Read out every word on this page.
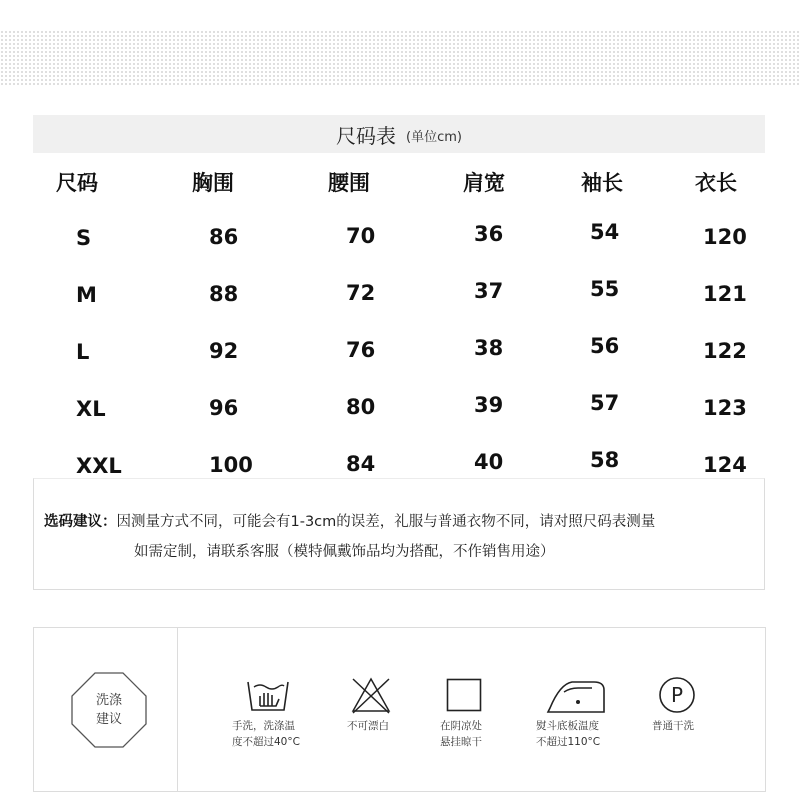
尺码表 (单位cm)
尺码	胸围	腰围	肩宽	袖长	衣长
S	86	70	36	54	120
M	88	72	37	55	121
L	92	76	38	56	122
XL	96	80	39	57	123
XXL	100	84	40	58	124
选码建议：因测量方式不同，可能会有1-3cm的误差，礼服与普通衣物不同，请对照尺码表测量
如需定制，请联系客服（模特佩戴饰品均为搭配，不作销售用途）
洗涤
建议	手洗，洗涤温
度不超过40°C
不可漂白	在阴凉处
悬挂晾干
熨斗底板温度
不超过110°C
P
普通干洗
